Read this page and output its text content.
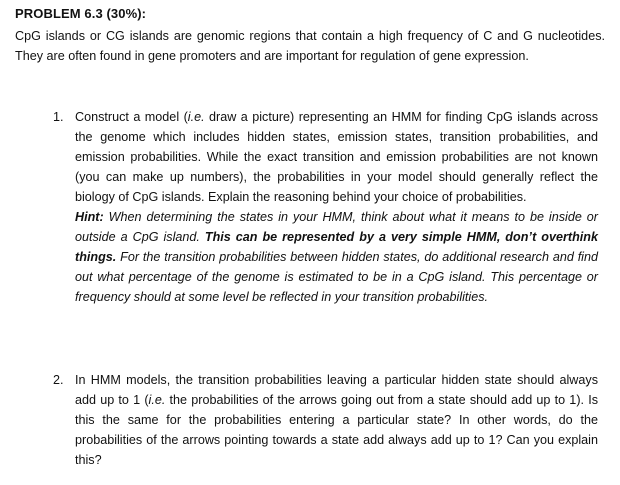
PROBLEM 6.3 (30%):
CpG islands or CG islands are genomic regions that contain a high frequency of C and G nucleotides. They are often found in gene promoters and are important for regulation of gene expression.
1. Construct a model (i.e. draw a picture) representing an HMM for finding CpG islands across the genome which includes hidden states, emission states, transition probabilities, and emission probabilities. While the exact transition and emission probabilities are not known (you can make up numbers), the probabilities in your model should generally reflect the biology of CpG islands. Explain the reasoning behind your choice of probabilities.
Hint: When determining the states in your HMM, think about what it means to be inside or outside a CpG island. This can be represented by a very simple HMM, don’t overthink things. For the transition probabilities between hidden states, do additional research and find out what percentage of the genome is estimated to be in a CpG island. This percentage or frequency should at some level be reflected in your transition probabilities.
2. In HMM models, the transition probabilities leaving a particular hidden state should always add up to 1 (i.e. the probabilities of the arrows going out from a state should add up to 1). Is this the same for the probabilities entering a particular state? In other words, do the probabilities of the arrows pointing towards a state add always add up to 1? Can you explain this?
